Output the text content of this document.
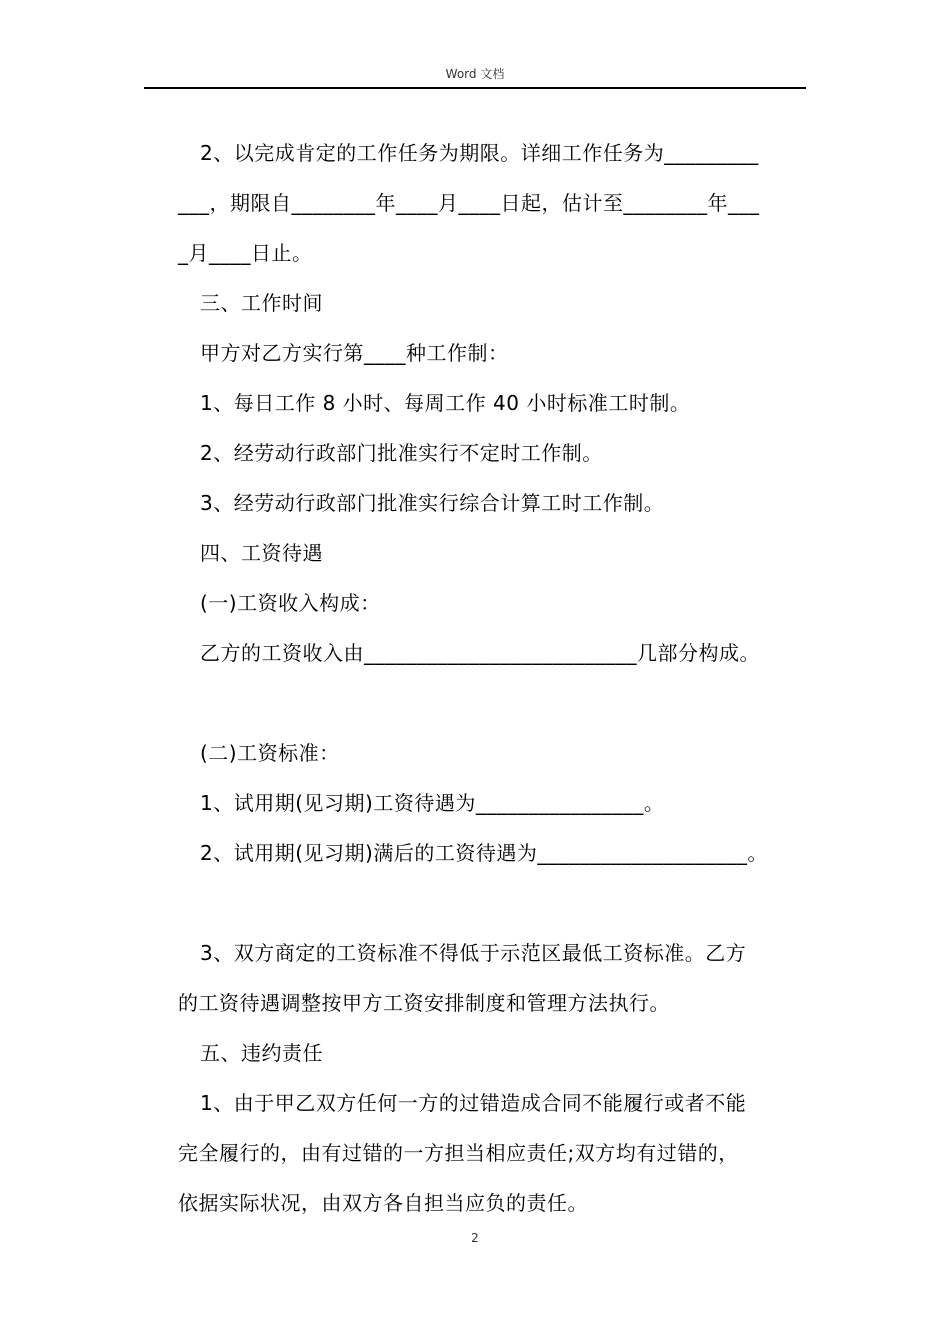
Word 文档
2、以完成肯定的工作任务为期限。详细工作任务为_________
___，期限自________年____月____日起，估计至________年___
_月____日止。
三、工作时间
甲方对乙方实行第____种工作制：
1、每日工作 8 小时、每周工作 40 小时标准工时制。
2、经劳动行政部门批准实行不定时工作制。
3、经劳动行政部门批准实行综合计算工时工作制。
四、工资待遇
(一)工资收入构成：
乙方的工资收入由__________________________几部分构成。
(二)工资标准：
1、试用期(见习期)工资待遇为________________。
2、试用期(见习期)满后的工资待遇为____________________。
3、双方商定的工资标准不得低于示范区最低工资标准。乙方
的工资待遇调整按甲方工资安排制度和管理方法执行。
五、违约责任
1、由于甲乙双方任何一方的过错造成合同不能履行或者不能
完全履行的，由有过错的一方担当相应责任;双方均有过错的，
依据实际状况，由双方各自担当应负的责任。
2
